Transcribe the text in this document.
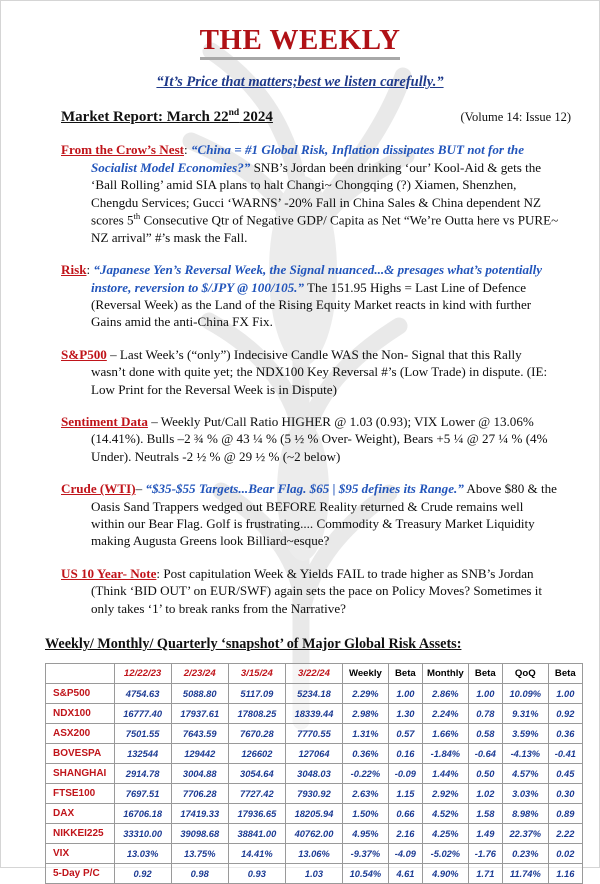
THE WEEKLY
“It’s Price that matters;best we listen carefully.”
Market Report: March 22nd 2024	(Volume 14: Issue 12)

From the Crow’s Nest: “China = #1 Global Risk, Inflation dissipates BUT not for the Socialist Model Economies?” SNB’s Jordan been drinking ‘our’ Kool-Aid & gets the ‘Ball Rolling’ amid SIA plans to halt Changi~ Chongqing (?) Xiamen, Shenzhen, Chengdu Services; Gucci ‘WARNS’ -20% Fall in China Sales & China dependent NZ scores 5th Consecutive Qtr of Negative GDP/ Capita as Net “We’re Outta here vs PURE~ NZ arrival” #’s mask the Fall.

Risk: “Japanese Yen’s Reversal Week, the Signal nuanced...& presages what’s potentially instore, reversion to $/JPY @ 100/105.” The 151.95 Highs = Last Line of Defence (Reversal Week) as the Land of the Rising Equity Market reacts in kind with further Gains amid the anti-China FX Fix.

S&P500 – Last Week’s (“only”) Indecisive Candle WAS the Non- Signal that this Rally wasn’t done with quite yet; the NDX100 Key Reversal #’s (Low Trade) in dispute. (IE: Low Print for the Reversal Week is in Dispute)

Sentiment Data – Weekly Put/Call Ratio HIGHER @ 1.03 (0.93); VIX Lower @ 13.06% (14.41%). Bulls –2 ¾ % @ 43 ¼ % (5 ½ % Over- Weight), Bears +5 ¼ @ 27 ¼ % (4% Under). Neutrals -2 ½ % @ 29 ½ % (~2 below)

Crude (WTI)– “$35-$55 Targets...Bear Flag. $65 | $95 defines its Range.” Above $80 & the Oasis Sand Trappers wedged out BEFORE Reality returned & Crude remains well within our Bear Flag. Golf is frustrating.... Commodity & Treasury Market Liquidity making Augusta Greens look Billiard~esque?

US 10 Year- Note: Post capitulation Week & Yields FAIL to trade higher as SNB’s Jordan (Think ‘BID OUT’ on EUR/SWF) again sets the pace on Policy Moves? Sometimes it only takes ‘1’ to break ranks from the Narrative?

Weekly/ Monthly/ Quarterly ‘snapshot’ of Major Global Risk Assets:
	12/22/23	2/23/24	3/15/24	3/22/24	Weekly	Beta	Monthly	Beta	QoQ	Beta
S&P500	4754.63	5088.80	5117.09	5234.18	2.29%	1.00	2.86%	1.00	10.09%	1.00
NDX100	16777.40	17937.61	17808.25	18339.44	2.98%	1.30	2.24%	0.78	9.31%	0.92
ASX200	7501.55	7643.59	7670.28	7770.55	1.31%	0.57	1.66%	0.58	3.59%	0.36
BOVESPA	132544	129442	126602	127064	0.36%	0.16	-1.84%	-0.64	-4.13%	-0.41
SHANGHAI	2914.78	3004.88	3054.64	3048.03	-0.22%	-0.09	1.44%	0.50	4.57%	0.45
FTSE100	7697.51	7706.28	7727.42	7930.92	2.63%	1.15	2.92%	1.02	3.03%	0.30
DAX	16706.18	17419.33	17936.65	18205.94	1.50%	0.66	4.52%	1.58	8.98%	0.89
NIKKEI225	33310.00	39098.68	38841.00	40762.00	4.95%	2.16	4.25%	1.49	22.37%	2.22
VIX	13.03%	13.75%	14.41%	13.06%	-9.37%	-4.09	-5.02%	-1.76	0.23%	0.02
5-Day P/C	0.92	0.98	0.93	1.03	10.54%	4.61	4.90%	1.71	11.74%	1.16
